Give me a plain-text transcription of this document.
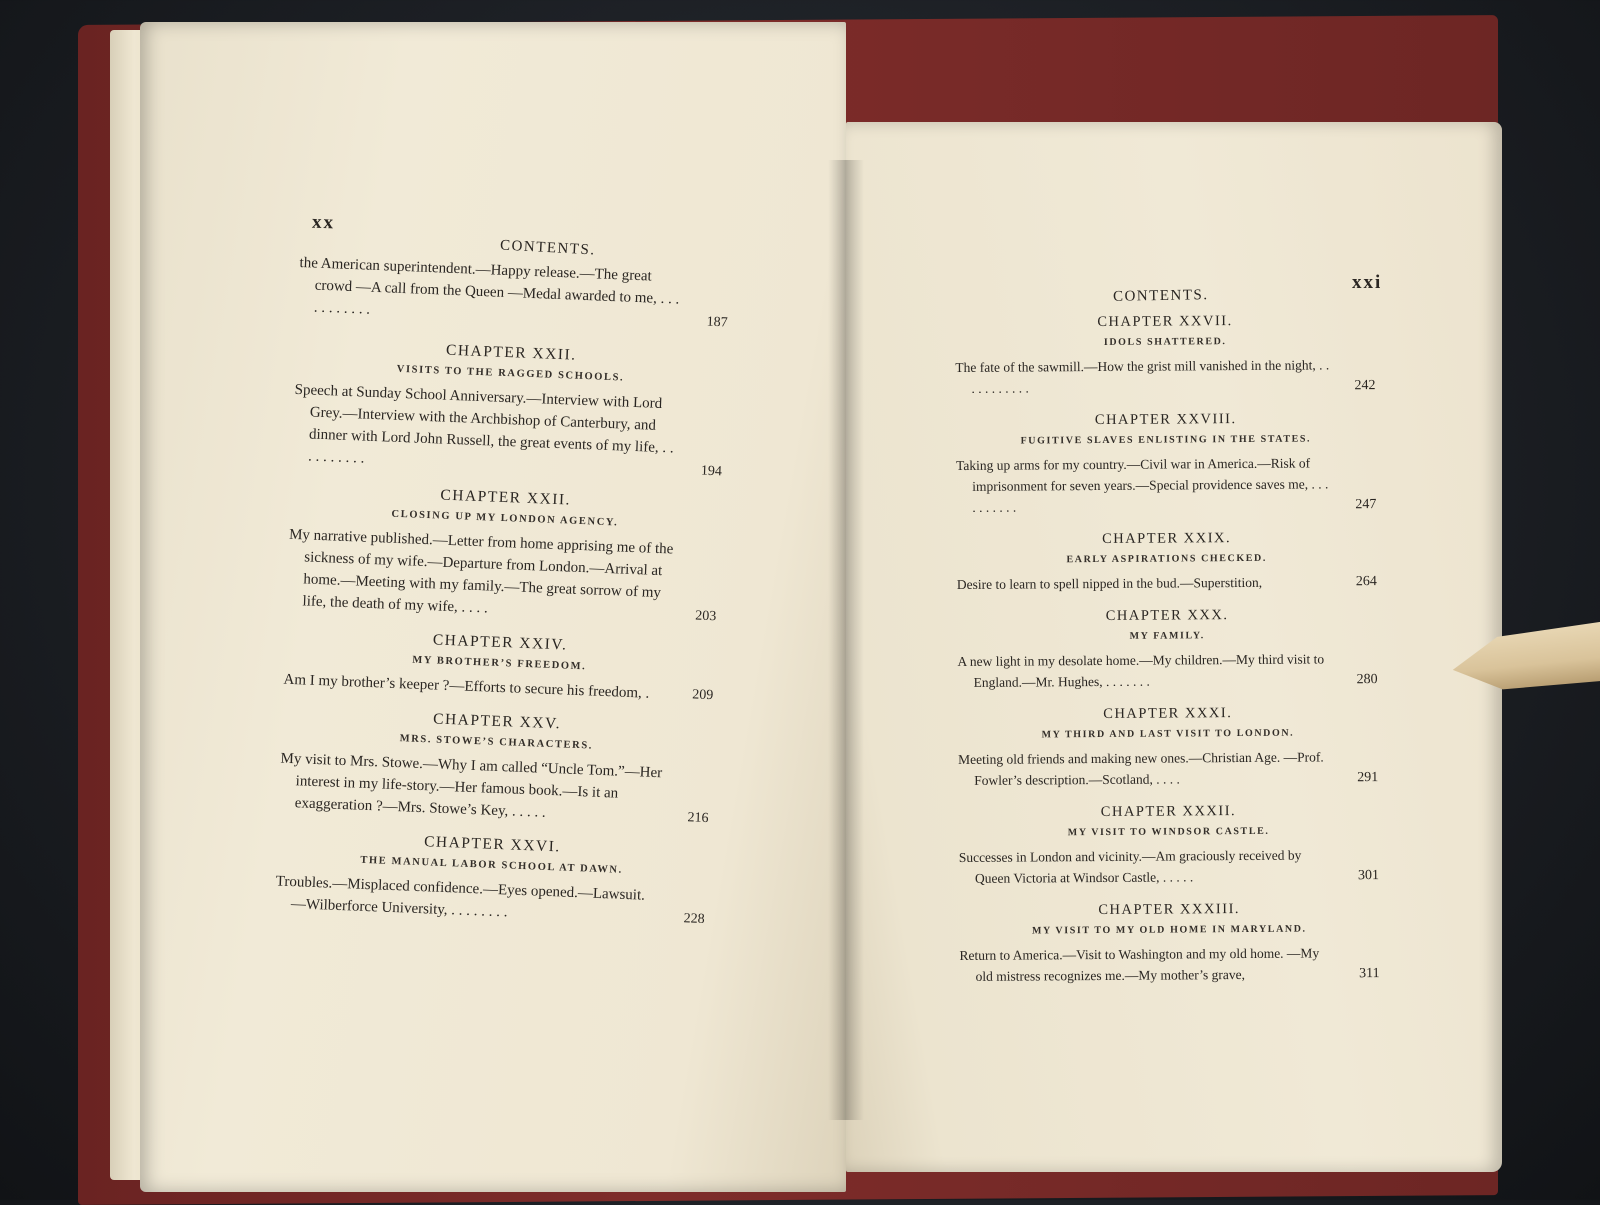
xx
CONTENTS.
the American superintendent.—Happy release.—The great crowd —A call from the Queen —Medal awarded to me, . . . . . . . . . . .
187
CHAPTER XXII.
VISITS TO THE RAGGED SCHOOLS.
Speech at Sunday School Anniversary.—Interview with Lord Grey.—Interview with the Archbishop of Canterbury, and dinner with Lord John Russell, the great events of my life, . . . . . . . . . .
194
CHAPTER XXII.
CLOSING UP MY LONDON AGENCY.
My narrative published.—Letter from home apprising me of the sickness of my wife.—Departure from London.—Arrival at home.—Meeting with my family.—The great sorrow of my life, the death of my wife, . . . .	203
CHAPTER XXIV.
MY BROTHER’S FREEDOM.
Am I my brother’s keeper ?—Efforts to secure his freedom, .	209
CHAPTER XXV.
MRS. STOWE’S CHARACTERS.
My visit to Mrs. Stowe.—Why I am called “Uncle Tom.”—Her interest in my life-story.—Her famous book.—Is it an exaggeration ?—Mrs. Stowe’s Key, . . . . .	216
CHAPTER XXVI.
THE MANUAL LABOR SCHOOL AT DAWN.
Troubles.—Misplaced confidence.—Eyes opened.—Lawsuit. —Wilberforce University, . . . . . . . .	228
CONTENTS.
xxi
CHAPTER XXVII.
IDOLS SHATTERED.
The fate of the sawmill.—How the grist mill vanished in the night, . . . . . . . . . . .	242
CHAPTER XXVIII.
FUGITIVE SLAVES ENLISTING IN THE STATES.
Taking up arms for my country.—Civil war in America.—Risk of imprisonment for seven years.—Special providence saves me, . . . . . . . . . .	247
CHAPTER XXIX.
EARLY ASPIRATIONS CHECKED.
Desire to learn to spell nipped in the bud.—Superstition,	264
CHAPTER XXX.
MY FAMILY.
A new light in my desolate home.—My children.—My third visit to England.—Mr. Hughes, . . . . . . .	280
CHAPTER XXXI.
MY THIRD AND LAST VISIT TO LONDON.
Meeting old friends and making new ones.—Christian Age. —Prof. Fowler’s description.—Scotland, . . . .	291
CHAPTER XXXII.
MY VISIT TO WINDSOR CASTLE.
Successes in London and vicinity.—Am graciously received by Queen Victoria at Windsor Castle, . . . . .	301
CHAPTER XXXIII.
MY VISIT TO MY OLD HOME IN MARYLAND.
Return to America.—Visit to Washington and my old home. —My old mistress recognizes me.—My mother’s grave,	311
